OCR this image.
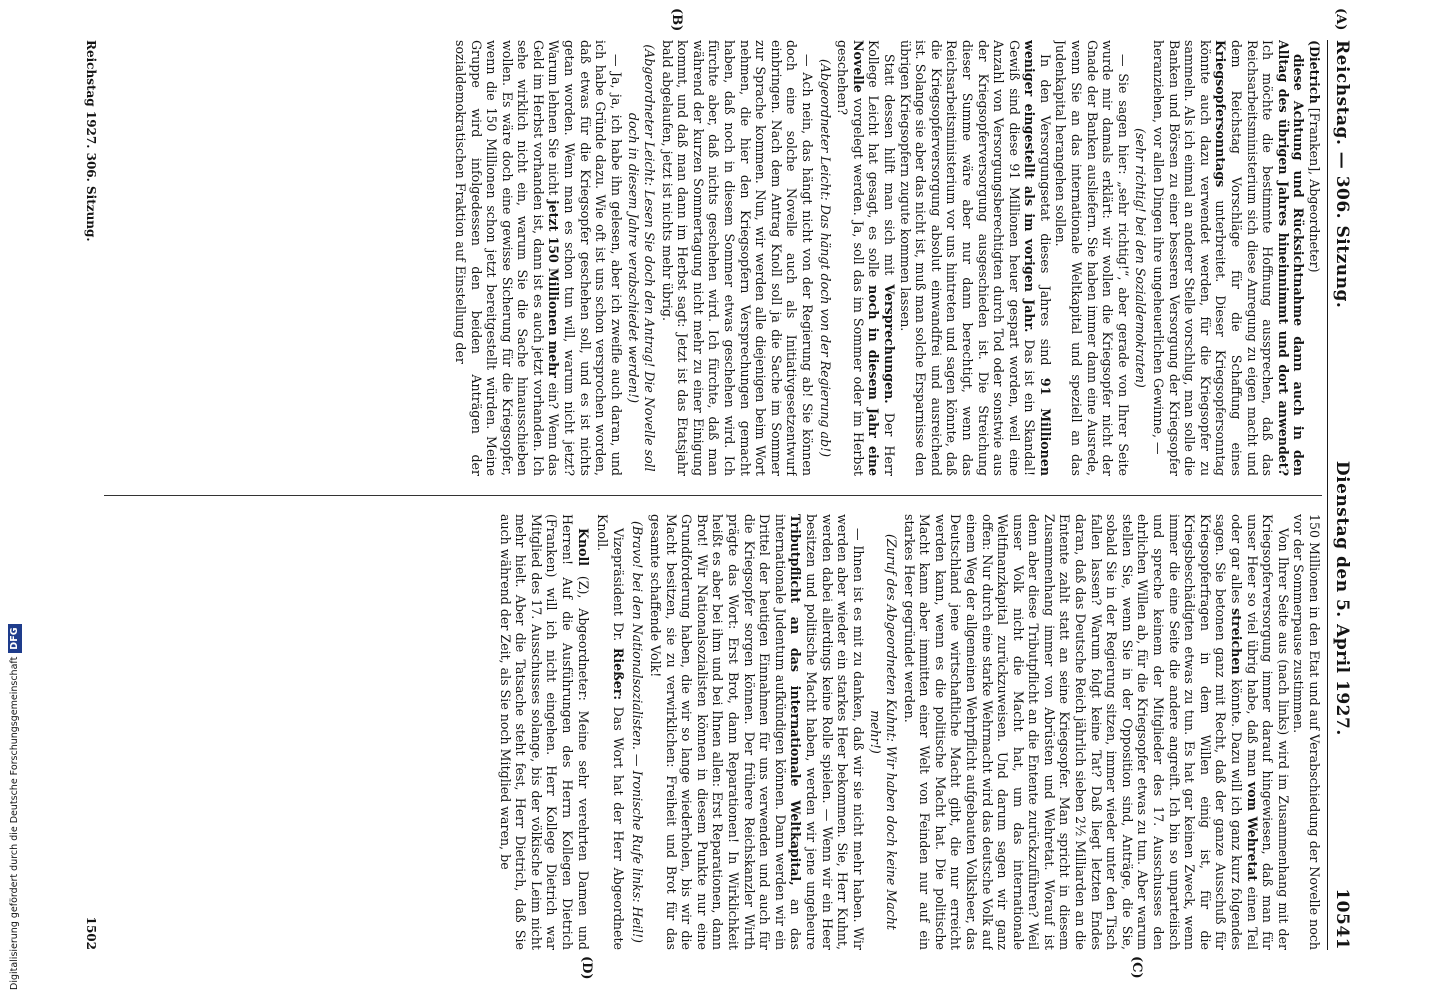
Reichstag. — 306. Sitzung.
Dienstag den 5. April 1927.
10541
(A)
(B)
(C)
(D)

(Dietrich [Franken], Abgeordneter)

diese Achtung und Rücksichtnahme dann auch in den Alltag des übrigen Jahres hineinnimmt und dort anwendet? Ich möchte die bestimmte Hoffnung aussprechen, daß das Reichsarbeitsministerium sich diese Anregung zu eigen macht und dem Reichstag Vorschläge für die Schaffung eines Kriegsopfersonntags unterbreitet. Dieser Kriegsopfersonntag könnte auch dazu verwendet werden, für die Kriegsopfer zu sammeln. Als ich einmal an anderer Stelle vorschlug, man solle die Banken und Börsen zu einer besseren Versorgung der Kriegsopfer heranziehen, vor allen Dingen ihre ungeheuerlichen Gewinne, —

(sehr richtig! bei den Sozialdemokraten)

— Sie sagen hier: „sehr richtig!“, aber gerade von Ihrer Seite wurde mir damals erklärt: wir wollen die Kriegsopfer nicht der Gnade der Banken ausliefern. Sie haben immer dann eine Ausrede, wenn Sie an das internationale Weltkapital und speziell an das Judenkapital herangehen sollen.

In den Versorgungsetat dieses Jahres sind 91 Millionen weniger eingestellt als im vorigen Jahr. Das ist ein Skandal! Gewiß sind diese 91 Millionen heuer gespart worden, weil eine Anzahl von Versorgungsberechtigten durch Tod oder sonstwie aus der Kriegsopferversorgung ausgeschieden ist. Die Streichung dieser Summe wäre aber nur dann berechtigt, wenn das Reichsarbeitsministerium vor uns hintreten und sagen könnte, daß die Kriegsopferversorgung absolut einwandfrei und ausreichend ist. Solange sie aber das nicht ist, muß man solche Ersparnisse den übrigen Kriegsopfern zugute kommen lassen.

Statt dessen hilft man sich mit Versprechungen. Der Herr Kollege Leicht hat gesagt, es solle noch in diesem Jahr eine Novelle vorgelegt werden. Ja, soll das im Sommer oder im Herbst geschehen?

(Abgeordneter Leicht: Das hängt doch von der Regierung ab!)

— Ach nein, das hängt nicht von der Regierung ab! Sie können doch eine solche Novelle auch als Initiativgesetzentwurf einbringen. Nach dem Antrag Knoll soll ja die Sache im Sommer zur Sprache kommen. Nun, wir werden alle diejenigen beim Wort nehmen, die hier den Kriegsopfern Versprechungen gemacht haben, daß noch in diesem Sommer etwas geschehen wird. Ich fürchte aber, daß nichts geschehen wird. Ich fürchte, daß man während der kurzen Sommertagung nicht mehr zu einer Einigung kommt, und daß man dann im Herbst sagt: Jetzt ist das Etatsjahr bald abgelaufen, jetzt ist nichts mehr übrig.

(Abgeordneter Leicht: Lesen Sie doch den Antrag! Die Novelle soll doch in diesem Jahre verabschiedet werden!)

— Ja, ja, ich habe ihn gelesen, aber ich zweifle auch daran, und ich habe Gründe dazu. Wie oft ist uns schon versprochen worden, daß etwas für die Kriegsopfer geschehen soll, und es ist nichts getan worden. Wenn man es schon tun will, warum nicht jetzt? Warum lehnen Sie nicht jetzt 150 Millionen mehr ein? Wenn das Geld im Herbst vorhanden ist, dann ist es auch jetzt vorhanden. Ich sehe wirklich nicht ein, warum Sie die Sache hinausschieben wollen. Es wäre doch eine gewisse Sicherung für die Kriegsopfer, wenn die 150 Millionen schon jetzt bereitgestellt würden. Meine Gruppe wird infolgedessen den beiden Anträgen der sozialdemokratischen Fraktion auf Einstellung der

150 Millionen in den Etat und auf Verabschiedung der Novelle noch vor der Sommerpause zustimmen.

Von Ihrer Seite aus (nach links) wird im Zusammenhang mit der Kriegsopferversorgung immer darauf hingewiesen, daß man für unser Heer so viel übrig habe, daß man vom Wehretat einen Teil oder gar alles streichen könnte. Dazu will ich ganz kurz folgendes sagen. Sie betonen ganz mit Recht, daß der ganze Ausschuß für Kriegsopferfragen in dem Willen einig ist, für die Kriegsbeschädigten etwas zu tun. Es hat gar keinen Zweck, wenn immer die eine Seite die andere angreift. Ich bin so unparteiisch und spreche keinem der Mitglieder des 17. Ausschusses den ehrlichen Willen ab, für die Kriegsopfer etwas zu tun. Aber warum stellen Sie, wenn Sie in der Opposition sind, Anträge, die Sie, sobald Sie in der Regierung sitzen, immer wieder unter den Tisch fallen lassen? Warum folgt keine Tat? Daß liegt letzten Endes daran, daß das Deutsche Reich jährlich sieben 2½ Milliarden an die Entente zahlt statt an seine Kriegsopfer. Man spricht in diesem Zusammenhang immer von Abrüsten und Wehretat. Worauf ist denn aber diese Tributpflicht an die Entente zurückzuführen? Weil unser Volk nicht die Macht hat, um das internationale Weltfinanzkapital zurückzuweisen. Und darum sagen wir ganz offen: Nur durch eine starke Wehrmacht wird das deutsche Volk auf einem Weg der allgemeinen Wehrpflicht aufgebauten Volksheer, das Deutschland jene wirtschaftliche Macht gibt, die nur erreicht werden kann, wenn es die politische Macht hat. Die politische Macht kann aber immitten einer Welt von Feinden nur auf ein starkes Heer gegründet werden.

(Zuruf des Abgeordneten Kuhnt: Wir haben doch keine Macht mehr!)

— Ihnen ist es mit zu danken, daß wir sie nicht mehr haben. Wir werden aber wieder ein starkes Heer bekommen. Sie, Herr Kuhnt, werden dabei allerdings keine Rolle spielen. — Wenn wir ein Heer besitzen und politische Macht haben, werden wir jene ungeheure Tributpflicht an das internationale Weltkapital, an das internationale Judentum aufkündigen können. Dann werden wir ein Drittel der heutigen Einnahmen für uns verwenden und auch für die Kriegsopfer sorgen können. Der frühere Reichskanzler Wirth prägte das Wort: Erst Brot, dann Reparationen! In Wirklichkeit heißt es aber bei ihm und bei Ihnen allen: Erst Reparationen, dann Brot! Wir Nationalsozialisten können in diesem Punkte nur eine Grundforderung haben, die wir so lange wiederholen, bis wir die Macht besitzen, sie zu verwirklichen: Freiheit und Brot für das gesamte schaffende Volk!

(Bravo! bei den Nationalsozialisten. — Ironische Rufe links: Heil!)

Vizepräsident Dr. Rießer: Das Wort hat der Herr Abgeordnete Knoll.

Knoll (Z), Abgeordneter: Meine sehr verehrten Damen und Herren! Auf die Ausführungen des Herrn Kollegen Dietrich (Franken) will ich nicht eingehen. Herr Kollege Dietrich war Mitglied des 17. Ausschusses solange, bis der völkische Leim nicht mehr hielt. Aber die Tatsache steht fest, Herr Dietrich, daß Sie auch während der Zeit, als Sie noch Mitglied waren, be

Reichstag 1927. 306. Sitzung.
1502
Digitalisierung gefördert durch die Deutsche ForschungsgemeinschaftDFG
